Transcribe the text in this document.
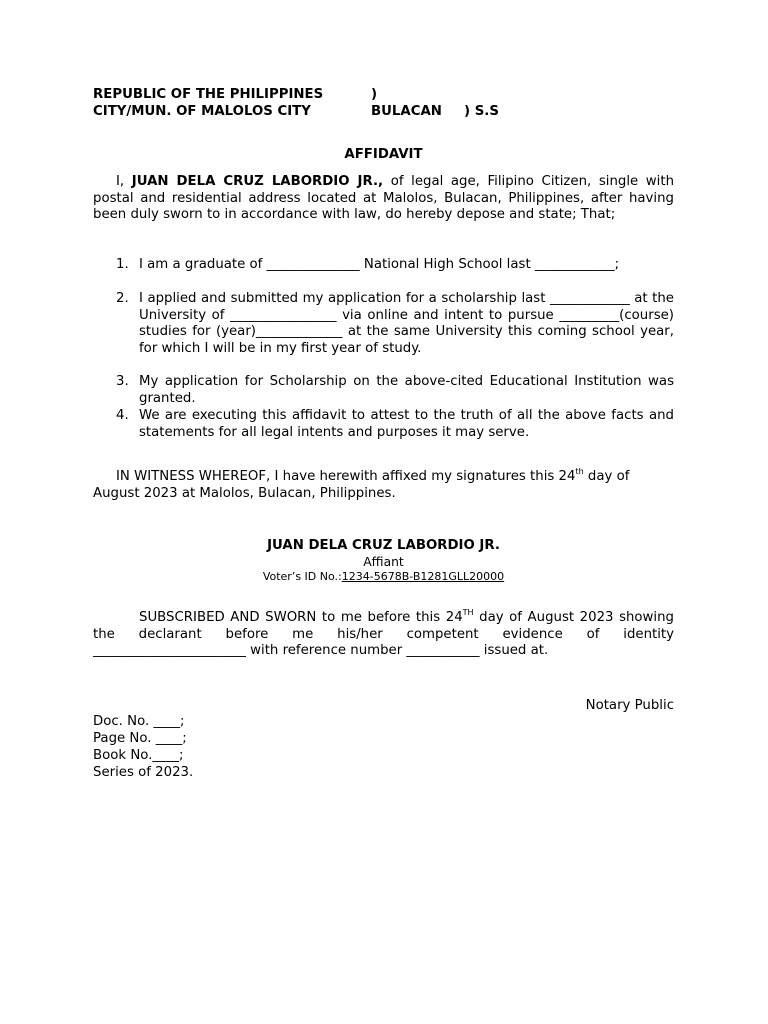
REPUBLIC OF THE PHILIPPINES	)
CITY/MUN. OF MALOLOS CITY	BULACAN ) S.S
AFFIDAVIT
I, JUAN DELA CRUZ LABORDIO JR., of legal age, Filipino Citizen, single with postal and residential address located at Malolos, Bulacan, Philippines, after having been duly sworn to in accordance with law, do hereby depose and state; That;
1. I am a graduate of ______________ National High School last ____________;
2. I applied and submitted my application for a scholarship last ____________ at the University of ________________ via online and intent to pursue _________(course) studies for (year)_____________ at the same University this coming school year, for which I will be in my first year of study.
3. My application for Scholarship on the above-cited Educational Institution was granted.
4. We are executing this affidavit to attest to the truth of all the above facts and statements for all legal intents and purposes it may serve.
IN WITNESS WHEREOF, I have herewith affixed my signatures this 24th day of
August 2023 at Malolos, Bulacan, Philippines.
JUAN DELA CRUZ LABORDIO JR.
Affiant
Voter’s ID No.:1234-5678B-B1281GLL20000
SUBSCRIBED AND SWORN to me before this 24TH day of August 2023 showing the declarant before me his/her competent evidence of identity _______________________ with reference number ___________ issued at.
Notary Public
Doc. No. ____;
Page No. ____;
Book No.____;
Series of 2023.
